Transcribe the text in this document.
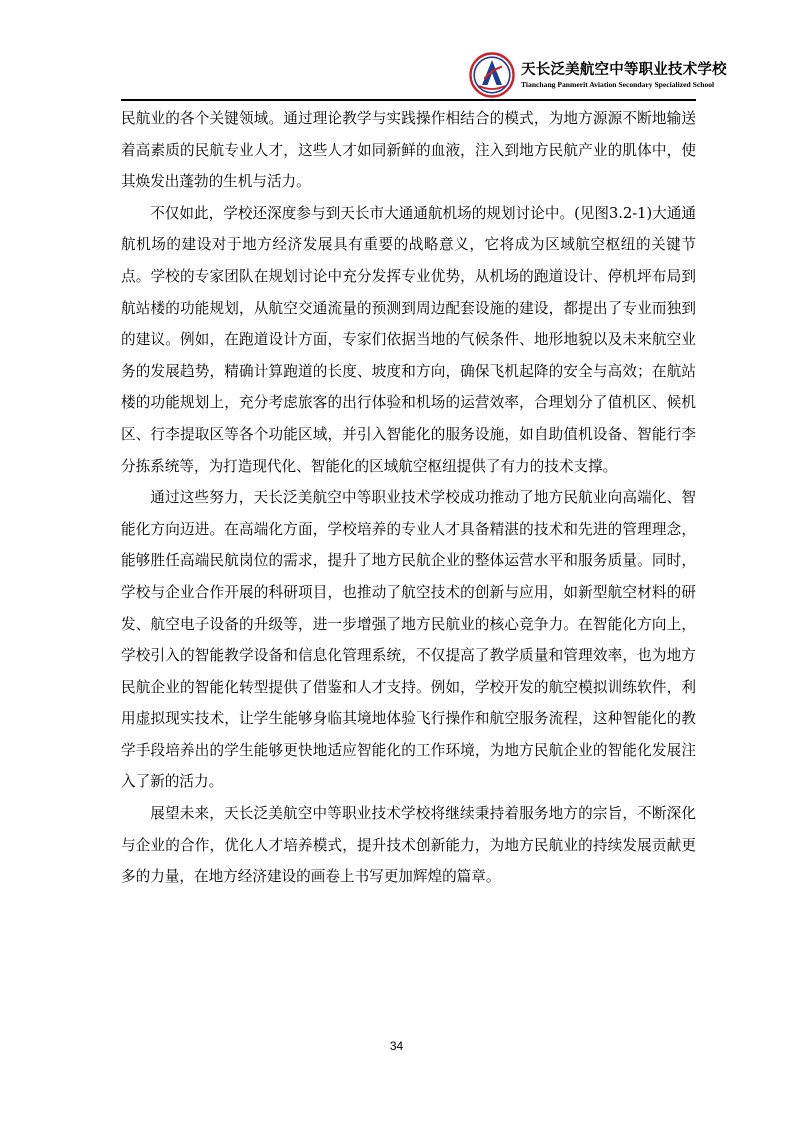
天长泛美航空中等职业技术学校
Tianchang Panmerit Aviation Secondary Specialized School

民航业的各个关键领域。通过理论教学与实践操作相结合的模式，为地方源源不断地输送着高素质的民航专业人才，这些人才如同新鲜的血液，注入到地方民航产业的肌体中，使其焕发出蓬勃的生机与活力。

不仅如此，学校还深度参与到天长市大通通航机场的规划讨论中。(见图3.2-1)大通通航机场的建设对于地方经济发展具有重要的战略意义，它将成为区域航空枢纽的关键节点。学校的专家团队在规划讨论中充分发挥专业优势，从机场的跑道设计、停机坪布局到航站楼的功能规划，从航空交通流量的预测到周边配套设施的建设，都提出了专业而独到的建议。例如，在跑道设计方面，专家们依据当地的气候条件、地形地貌以及未来航空业务的发展趋势，精确计算跑道的长度、坡度和方向，确保飞机起降的安全与高效；在航站楼的功能规划上，充分考虑旅客的出行体验和机场的运营效率，合理划分了值机区、候机区、行李提取区等各个功能区域，并引入智能化的服务设施，如自助值机设备、智能行李分拣系统等，为打造现代化、智能化的区域航空枢纽提供了有力的技术支撑。

通过这些努力，天长泛美航空中等职业技术学校成功推动了地方民航业向高端化、智能化方向迈进。在高端化方面，学校培养的专业人才具备精湛的技术和先进的管理理念，能够胜任高端民航岗位的需求，提升了地方民航企业的整体运营水平和服务质量。同时，学校与企业合作开展的科研项目，也推动了航空技术的创新与应用，如新型航空材料的研发、航空电子设备的升级等，进一步增强了地方民航业的核心竞争力。在智能化方向上，学校引入的智能教学设备和信息化管理系统，不仅提高了教学质量和管理效率，也为地方民航企业的智能化转型提供了借鉴和人才支持。例如，学校开发的航空模拟训练软件，利用虚拟现实技术，让学生能够身临其境地体验飞行操作和航空服务流程，这种智能化的教学手段培养出的学生能够更快地适应智能化的工作环境，为地方民航企业的智能化发展注入了新的活力。

展望未来，天长泛美航空中等职业技术学校将继续秉持着服务地方的宗旨，不断深化与企业的合作，优化人才培养模式，提升技术创新能力，为地方民航业的持续发展贡献更多的力量，在地方经济建设的画卷上书写更加辉煌的篇章。

34
